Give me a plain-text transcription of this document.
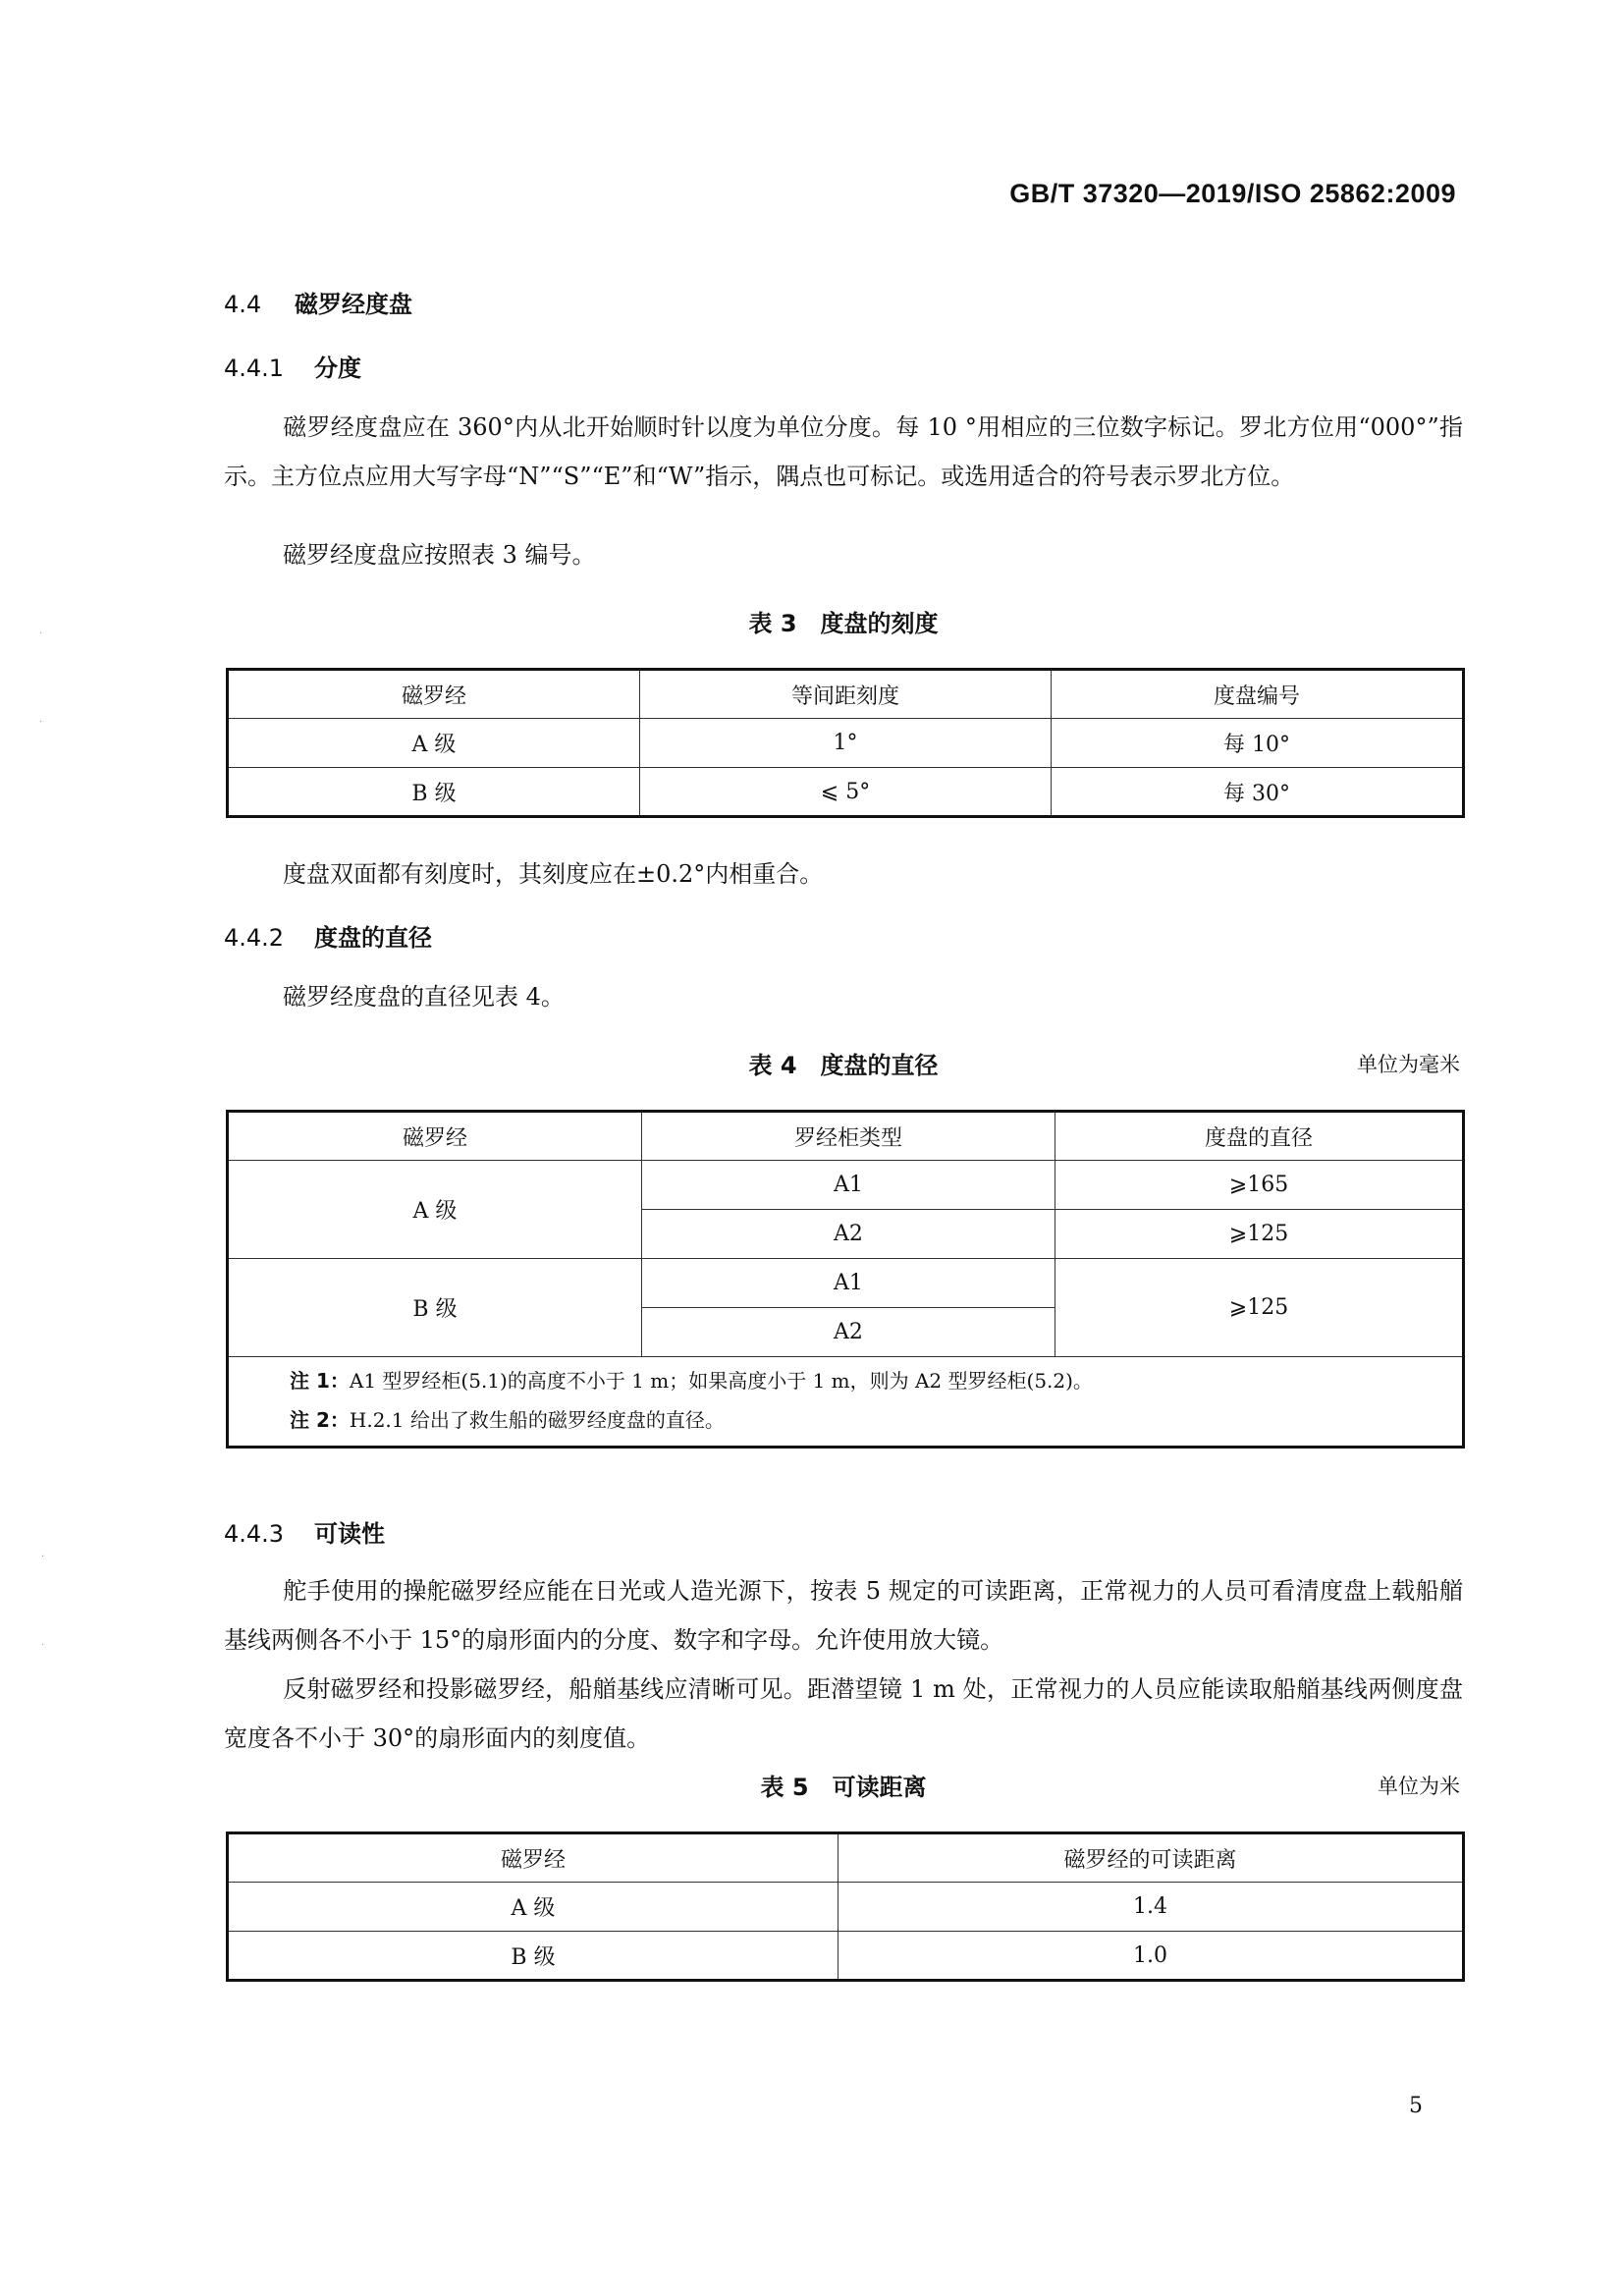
GB/T 37320—2019/ISO 25862:2009
4.4 磁罗经度盘
4.4.1 分度
磁罗经度盘应在 360°内从北开始顺时针以度为单位分度。每 10 °用相应的三位数字标记。罗北方位用“000°”指示。主方位点应用大写字母“N”“S”“E”和“W”指示，隅点也可标记。或选用适合的符号表示罗北方位。
磁罗经度盘应按照表 3 编号。
表 3　度盘的刻度
磁罗经	等间距刻度	度盘编号
A 级	1°	每 10°
B 级	⩽ 5°	每 30°
度盘双面都有刻度时，其刻度应在±0.2°内相重合。
4.4.2 度盘的直径
磁罗经度盘的直径见表 4。
表 4　度盘的直径	单位为毫米
磁罗经	罗经柜类型	度盘的直径
A 级	A1	⩾165
	A2	⩾125
B 级	A1	⩾125
	A2	

注 1：A1 型罗经柜(5.1)的高度不小于 1 m；如果高度小于 1 m，则为 A2 型罗经柜(5.2)。
注 2：H.2.1 给出了救生船的磁罗经度盘的直径。		
4.4.3 可读性
舵手使用的操舵磁罗经应能在日光或人造光源下，按表 5 规定的可读距离，正常视力的人员可看清度盘上载船艏基线两侧各不小于 15°的扇形面内的分度、数字和字母。允许使用放大镜。
反射磁罗经和投影磁罗经，船艏基线应清晰可见。距潜望镜 1 m 处，正常视力的人员应能读取船艏基线两侧度盘宽度各不小于 30°的扇形面内的刻度值。
表 5　可读距离	单位为米
磁罗经	磁罗经的可读距离
A 级	1.4
B 级	1.0
5
·
·
·
·
